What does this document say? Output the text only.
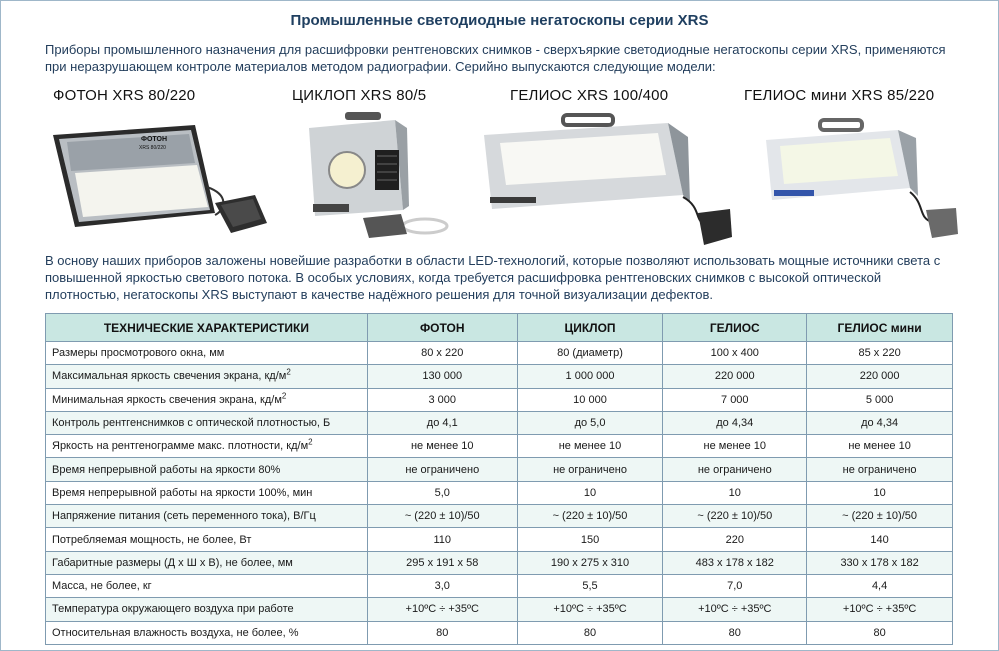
Промышленные светодиодные негатоскопы серии XRS
Приборы промышленного назначения для расшифровки рентгеновских снимков - сверхъяркие светодиодные негатоскопы серии XRS, применяются при неразрушающем контроле материалов методом радиографии. Серийно выпускаются следующие модели:
ФОТОН XRS 80/220	ЦИКЛОП XRS 80/5	ГЕЛИОС XRS 100/400	ГЕЛИОС мини XRS 85/220
ФОТОН
XRS 80/220
В основу наших приборов заложены новейшие разработки в области LED-технологий, которые позволяют использовать мощные источники света с повышенной яркостью светового потока. В особых условиях, когда требуется расшифровка рентгеновских снимков с высокой оптической плотностью, негатоскопы XRS выступают в качестве надёжного решения для точной визуализации дефектов.
ТЕХНИЧЕСКИЕ ХАРАКТЕРИСТИКИ	ФОТОН	ЦИКЛОП	ГЕЛИОС	ГЕЛИОС мини
Размеры просмотрового окна, мм	80 х 220	80 (диаметр)	100 х 400	85 х 220
Максимальная яркость свечения экрана, $кд/м^2$	130 000	1 000 000	220 000	220 000
Минимальная яркость свечения экрана, $кд/м^2$	3 000	10 000	7 000	5 000
Контроль рентгенснимков с оптической плотностью, Б	до 4,1	до 5,0	до 4,34	до 4,34
Яркость на рентгенограмме макс. плотности, $кд/м^2$	не менее 10	не менее 10	не менее 10	не менее 10
Время непрерывной работы на яркости 80%	не ограничено	не ограничено	не ограничено	не ограничено
Время непрерывной работы на яркости 100%, мин	5,0	10	10	10
Напряжение питания (сеть переменного тока), В/Гц	~ (220 ± 10)/50	~ (220 ± 10)/50	~ (220 ± 10)/50	~ (220 ± 10)/50
Потребляемая мощность, не более, Вт	110	150	220	140
Габаритные размеры (Д х Ш х В), не более, мм	295 х 191 х 58	190 х 275 х 310	483 х 178 х 182	330 х 178 х 182
Масса, не более, кг	3,0	5,5	7,0	4,4
Температура окружающего воздуха при работе	+10ºС ÷ +35ºС	+10ºС ÷ +35ºС	+10ºС ÷ +35ºС	+10ºС ÷ +35ºС
Относительная влажность воздуха, не более, %	80	80	80	80
